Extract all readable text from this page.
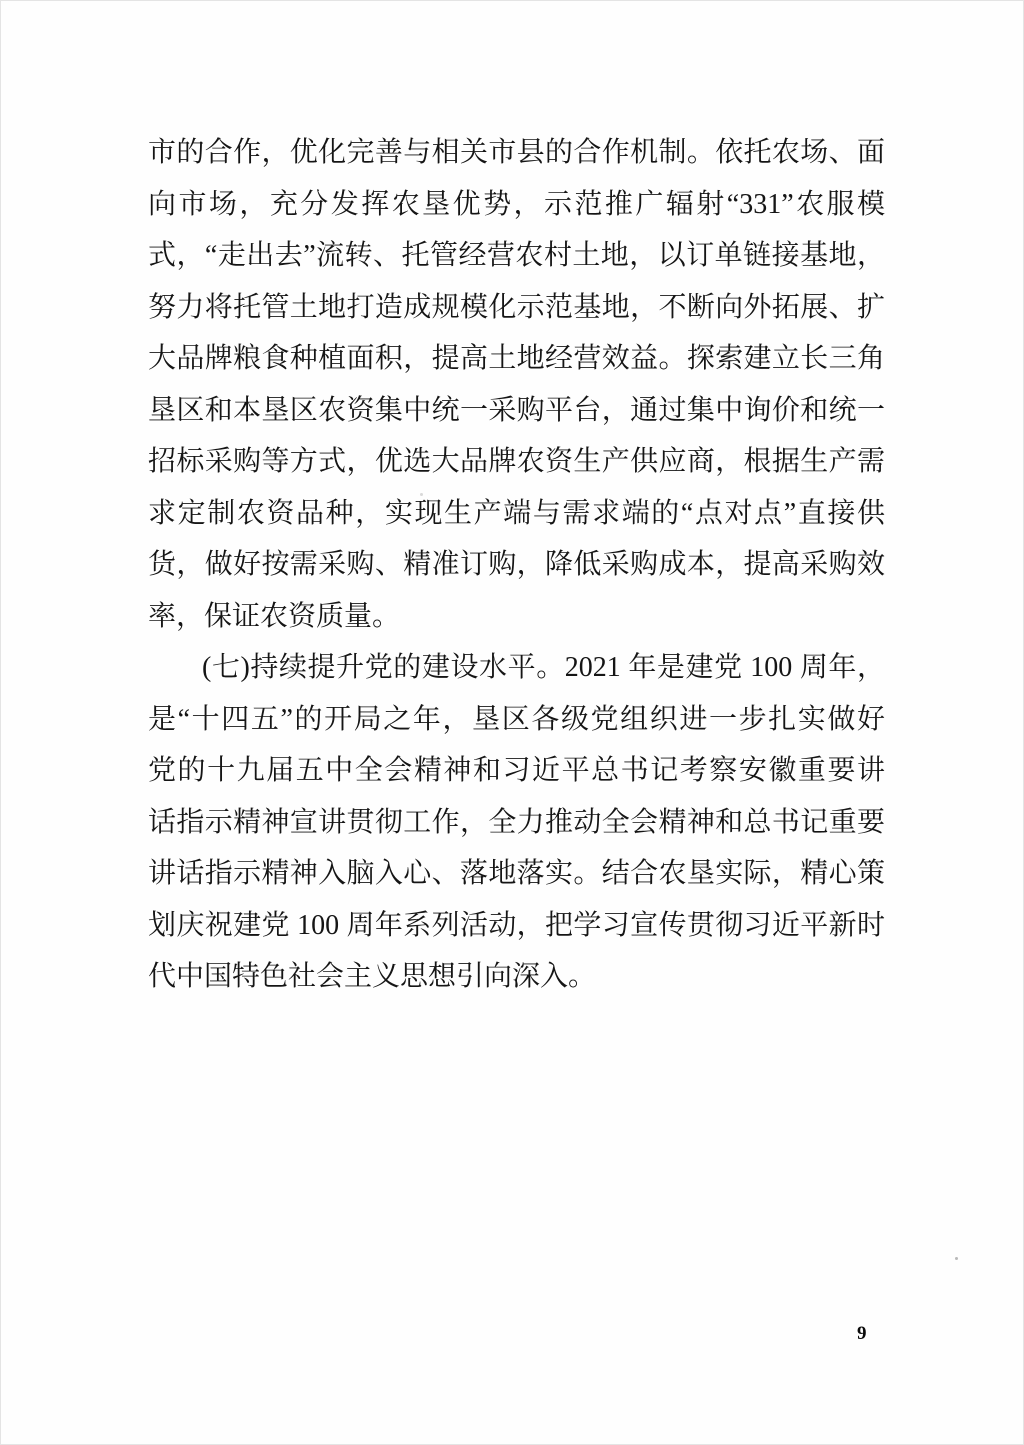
市的合作，优化完善与相关市县的合作机制。依托农场、面
向市场，充分发挥农垦优势，示范推广辐射“331”农服模
式，“走出去”流转、托管经营农村土地，以订单链接基地，
努力将托管土地打造成规模化示范基地，不断向外拓展、扩
大品牌粮食种植面积，提高土地经营效益。探索建立长三角
垦区和本垦区农资集中统一采购平台，通过集中询价和统一
招标采购等方式，优选大品牌农资生产供应商，根据生产需
求定制农资品种，实现生产端与需求端的“点对点”直接供
货，做好按需采购、精准订购，降低采购成本，提高采购效
率，保证农资质量。
(七)持续提升党的建设水平。2021 年是建党 100 周年，
是“十四五”的开局之年，垦区各级党组织进一步扎实做好
党的十九届五中全会精神和习近平总书记考察安徽重要讲
话指示精神宣讲贯彻工作，全力推动全会精神和总书记重要
讲话指示精神入脑入心、落地落实。结合农垦实际，精心策
划庆祝建党 100 周年系列活动，把学习宣传贯彻习近平新时
代中国特色社会主义思想引向深入。
9
